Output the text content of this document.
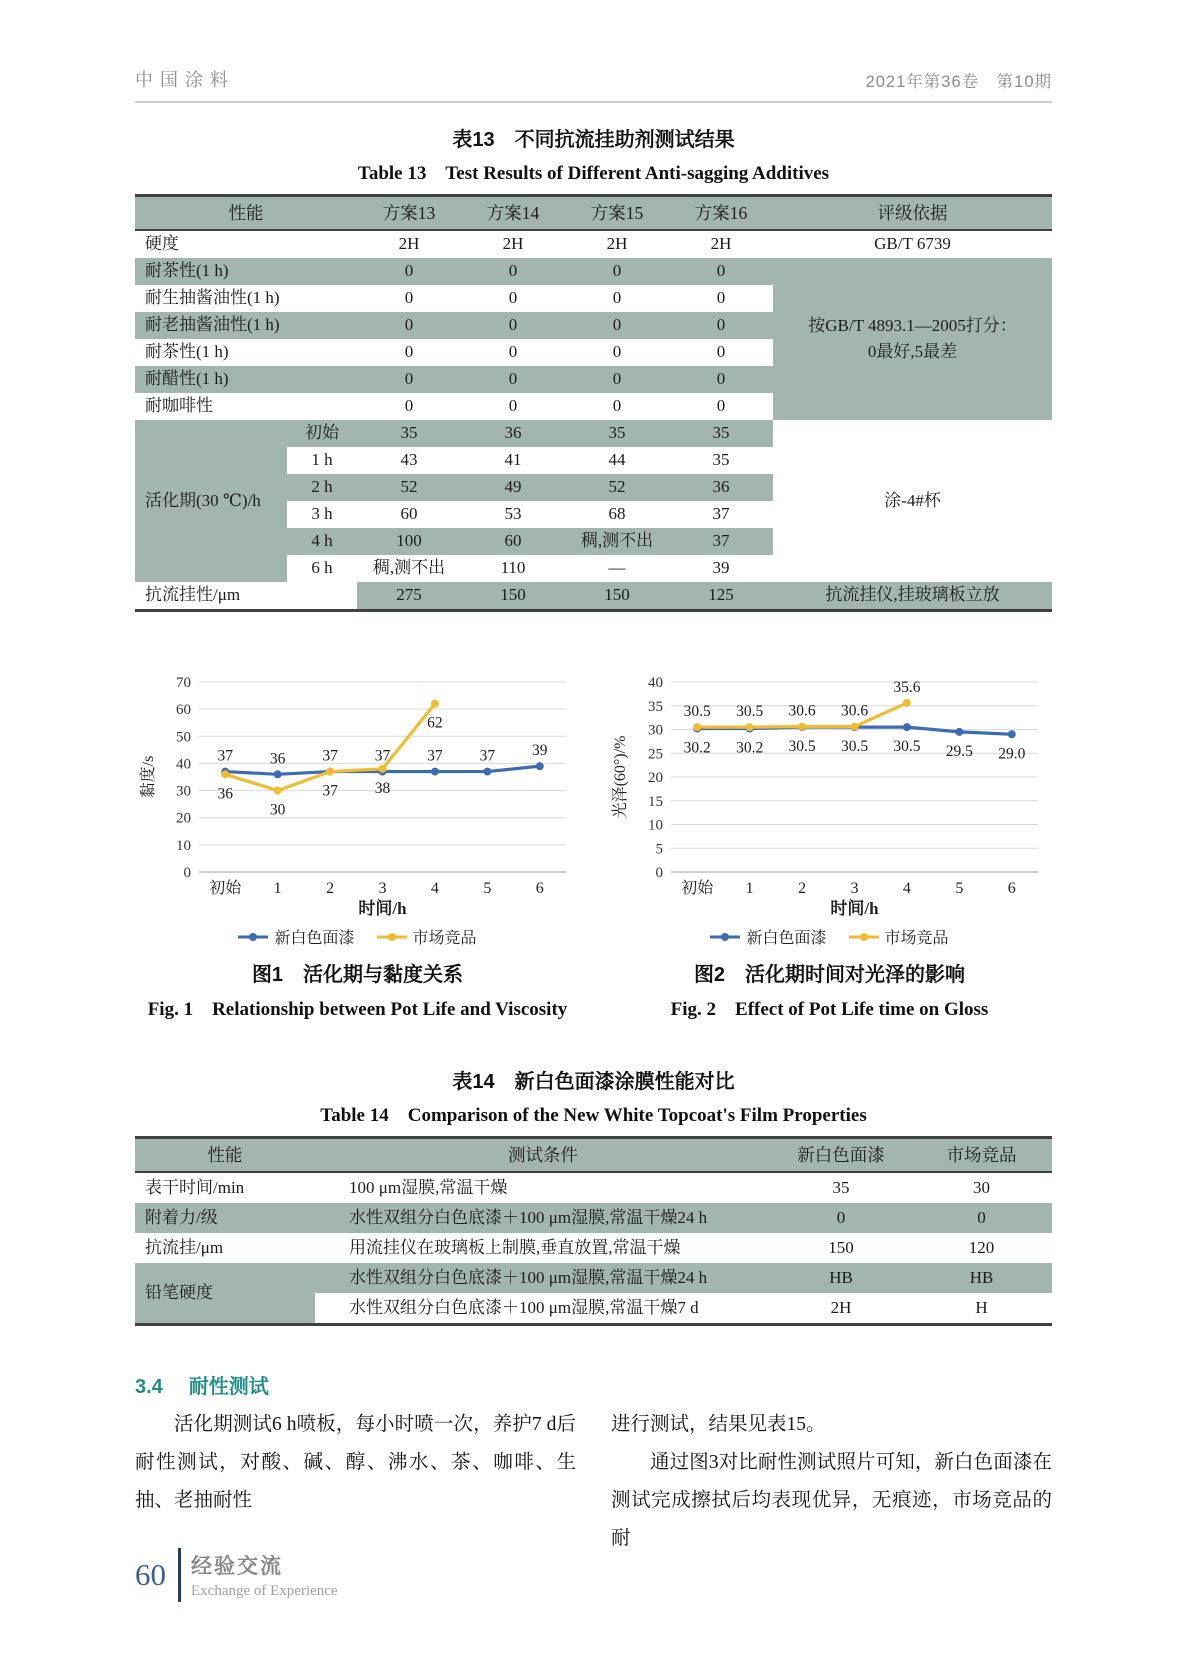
中国涂料	2021年第36卷　第10期
表13　不同抗流挂助剂测试结果
Table 13　Test Results of Different Anti-sagging Additives
性能	方案13	方案14	方案15	方案16	评级依据
硬度	2H	2H	2H	2H	GB/T 6739
耐茶性(1 h)	0	0	0	0
耐生抽酱油性(1 h)	0	0	0	0
耐老抽酱油性(1 h)	0	0	0	0
耐茶性(1 h)	0	0	0	0
耐醋性(1 h)	0	0	0	0
耐咖啡性	0	0	0	0
按GB/T 4893.1—2005打分：
0最好,5最差
活化期(30 ℃)/h
初始	35	36	35	35
1 h	43	41	44	35
2 h	52	49	52	36
3 h	60	53	68	37
4 h	100	60	稠,测不出	37
6 h	稠,测不出	110	—	39
涂-4#杯
抗流挂性/μm	275	150	150	125	抗流挂仪,挂玻璃板立放
0
10
20
30
40
50
60
70
黏度/s
初始 1	2	3	4	5	6
时间/h
37 36 37 37 37 37 39
36
30
37 38
62
新白色面漆	市场竞品
图1　活化期与黏度关系
Fig. 1　Relationship between Pot Life and Viscosity
0
5
10
15
20
25
30
35
40
光泽(60°)/%
初始 1	2	3	4	5	6
时间/h
30.2 30.2 30.5 30.5 30.5 29.5 29.0
30.5 30.5 30.6 30.6
35.6
新白色面漆	市场竞品
图2　活化期时间对光泽的影响
Fig. 2　Effect of Pot Life time on Gloss
表14　新白色面漆涂膜性能对比
Table 14　Comparison of the New White Topcoat's Film Properties
性能	测试条件	新白色面漆	市场竞品
表干时间/min	100 μm湿膜,常温干燥	35	30
附着力/级	水性双组分白色底漆＋100 μm湿膜,常温干燥24 h	0	0
抗流挂/μm	用流挂仪在玻璃板上制膜,垂直放置,常温干燥	150	120
铅笔硬度
水性双组分白色底漆＋100 μm湿膜,常温干燥24 h	HB	HB
水性双组分白色底漆＋100 μm湿膜,常温干燥7 d	2H	H
3.4 耐性测试

活化期测试6 h喷板，每小时喷一次，养护7 d后耐性测试，对酸、碱、醇、沸水、茶、咖啡、生抽、老抽耐性

进行测试，结果见表15。

通过图3对比耐性测试照片可知，新白色面漆在测试完成擦拭后均表现优异，无痕迹，市场竞品的耐

60 经验交流
Exchange of Experience
